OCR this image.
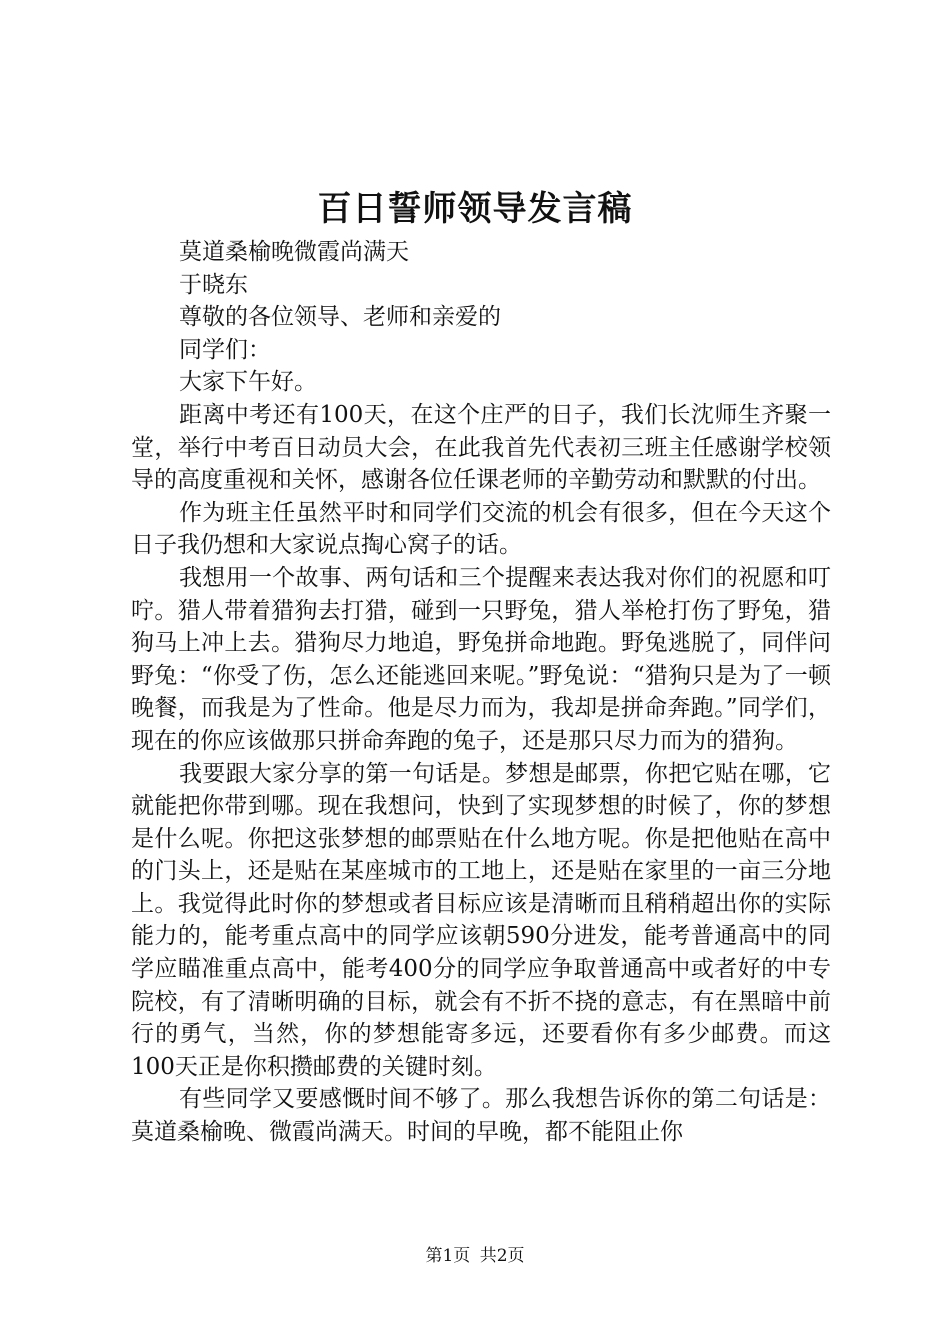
百日誓师领导发言稿

莫道桑榆晚微霞尚满天

于晓东

尊敬的各位领导、老师和亲爱的

同学们：

大家下午好。

距离中考还有100天，在这个庄严的日子，我们长沈师生齐聚一堂，举行中考百日动员大会，在此我首先代表初三班主任感谢学校领导的高度重视和关怀，感谢各位任课老师的辛勤劳动和默默的付出。

作为班主任虽然平时和同学们交流的机会有很多，但在今天这个日子我仍想和大家说点掏心窝子的话。

我想用一个故事、两句话和三个提醒来表达我对你们的祝愿和叮咛。猎人带着猎狗去打猎，碰到一只野兔，猎人举枪打伤了野兔，猎狗马上冲上去。猎狗尽力地追，野兔拼命地跑。野兔逃脱了，同伴问野兔：“你受了伤，怎么还能逃回来呢。”野兔说：“猎狗只是为了一顿晚餐，而我是为了性命。他是尽力而为，我却是拼命奔跑。”同学们，现在的你应该做那只拼命奔跑的兔子，还是那只尽力而为的猎狗。

我要跟大家分享的第一句话是。梦想是邮票，你把它贴在哪，它就能把你带到哪。现在我想问，快到了实现梦想的时候了，你的梦想是什么呢。你把这张梦想的邮票贴在什么地方呢。你是把他贴在高中的门头上，还是贴在某座城市的工地上，还是贴在家里的一亩三分地上。我觉得此时你的梦想或者目标应该是清晰而且稍稍超出你的实际能力的，能考重点高中的同学应该朝590分进发，能考普通高中的同学应瞄准重点高中，能考400分的同学应争取普通高中或者好的中专院校，有了清晰明确的目标，就会有不折不挠的意志，有在黑暗中前行的勇气，当然，你的梦想能寄多远，还要看你有多少邮费。而这100天正是你积攒邮费的关键时刻。

有些同学又要感慨时间不够了。那么我想告诉你的第二句话是：莫道桑榆晚、微霞尚满天。时间的早晚，都不能阻止你

第1页 共2页
